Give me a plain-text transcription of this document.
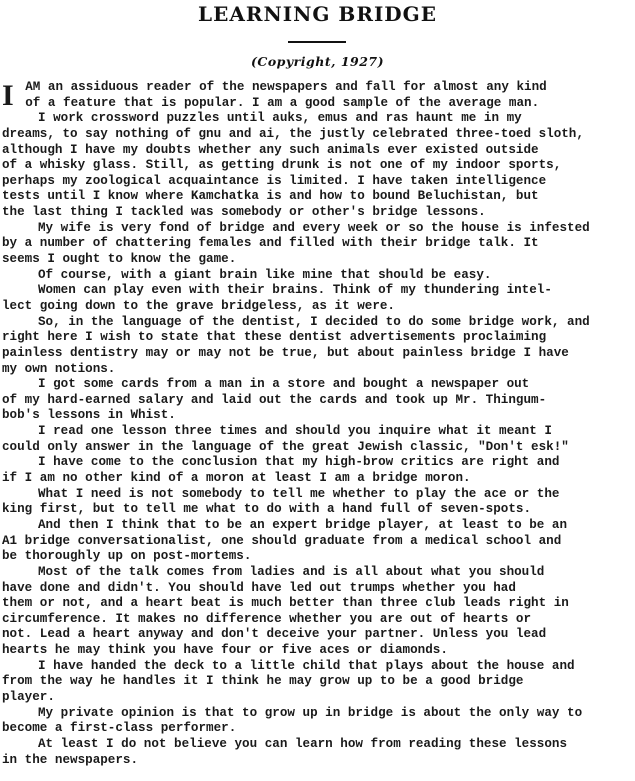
LEARNING BRIDGE
(Copyright, 1927)
I AM an assiduous reader of the newspapers and fall for almost any kind
of a feature that is popular. I am a good sample of the average man.
I work crossword puzzles until auks, emus and ras haunt me in my
dreams, to say nothing of gnu and ai, the justly celebrated three-toed sloth,
although I have my doubts whether any such animals ever existed outside
of a whisky glass. Still, as getting drunk is not one of my indoor sports,
perhaps my zoological acquaintance is limited. I have taken intelligence
tests until I know where Kamchatka is and how to bound Beluchistan, but
the last thing I tackled was somebody or other's bridge lessons.
My wife is very fond of bridge and every week or so the house is infested
by a number of chattering females and filled with their bridge talk. It
seems I ought to know the game.
Of course, with a giant brain like mine that should be easy.
Women can play even with their brains. Think of my thundering intel-
lect going down to the grave bridgeless, as it were.
So, in the language of the dentist, I decided to do some bridge work, and
right here I wish to state that these dentist advertisements proclaiming
painless dentistry may or may not be true, but about painless bridge I have
my own notions.
I got some cards from a man in a store and bought a newspaper out
of my hard-earned salary and laid out the cards and took up Mr. Thingum-
bob's lessons in Whist.
I read one lesson three times and should you inquire what it meant I
could only answer in the language of the great Jewish classic, "Don't esk!"
I have come to the conclusion that my high-brow critics are right and
if I am no other kind of a moron at least I am a bridge moron.
What I need is not somebody to tell me whether to play the ace or the
king first, but to tell me what to do with a hand full of seven-spots.
And then I think that to be an expert bridge player, at least to be an
A1 bridge conversationalist, one should graduate from a medical school and
be thoroughly up on post-mortems.
Most of the talk comes from ladies and is all about what you should
have done and didn't. You should have led out trumps whether you had
them or not, and a heart beat is much better than three club leads right in
circumference. It makes no difference whether you are out of hearts or
not. Lead a heart anyway and don't deceive your partner. Unless you lead
hearts he may think you have four or five aces or diamonds.
I have handed the deck to a little child that plays about the house and
from the way he handles it I think he may grow up to be a good bridge
player.
My private opinion is that to grow up in bridge is about the only way to
become a first-class performer.
At least I do not believe you can learn how from reading these lessons
in the newspapers.
